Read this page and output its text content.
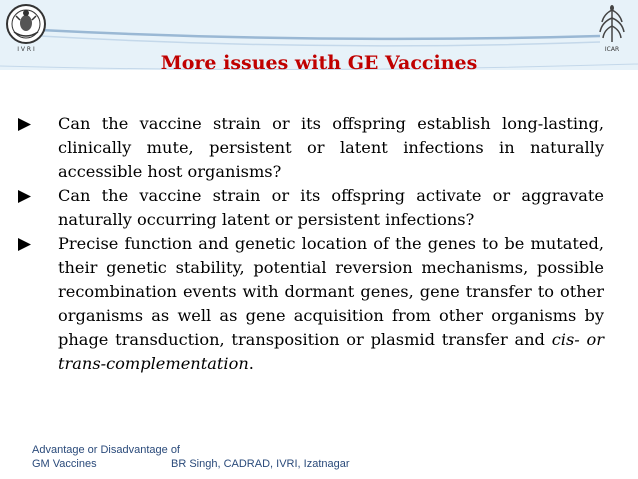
I V R I	ICAR
More issues with GE Vaccines
Can the vaccine strain or its offspring establish long-lasting, clinically mute, persistent or latent infections in naturally accessible host organisms?
Can the vaccine strain or its offspring activate or aggravate naturally occurring latent or persistent infections?
Precise function and genetic location of the genes to be mutated, their genetic stability, potential reversion mechanisms, possible recombination events with dormant genes, gene transfer to other organisms as well as gene acquisition from other organisms by phage transduction, transposition or plasmid transfer and cis- or trans-complementation.
Advantage or Disadvantage of
GM Vaccines	BR Singh, CADRAD, IVRI, Izatnagar
